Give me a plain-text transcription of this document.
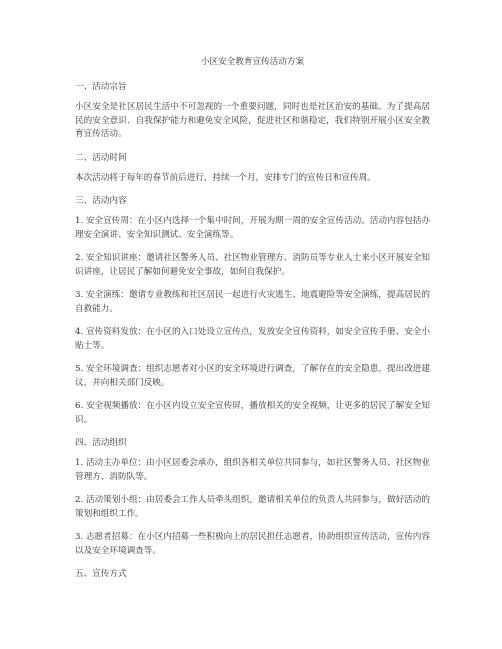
小区安全教育宣传活动方案
一、活动宗旨
小区安全是社区居民生活中不可忽视的一个重要问题，同时也是社区治安的基础。为了提高居民的安全意识、自我保护能力和避免安全风险，促进社区和谐稳定，我们特别开展小区安全教育宣传活动。
二、活动时间
本次活动将于每年的春节前后进行，持续一个月，安排专门的宣传日和宣传周。
三、活动内容
1. 安全宣传周：在小区内选择一个集中时间，开展为期一周的安全宣传活动。活动内容包括办理安全演讲、安全知识测试、安全演练等。
2. 安全知识讲座：邀请社区警务人员、社区物业管理方、消防员等专业人士来小区开展安全知识讲座，让居民了解如何避免安全事故，如何自我保护。
3. 安全演练：邀请专业教练和社区居民一起进行火灾逃生、地震避险等安全演练，提高居民的自救能力。
4. 宣传资料发放：在小区的入口处设立宣传点，发放安全宣传资料，如安全宣传手册、安全小贴士等。
5. 安全环境调查：组织志愿者对小区的安全环境进行调查，了解存在的安全隐患，提出改进建议，并向相关部门反映。
6. 安全视频播放：在小区内设立安全宣传屏，播放相关的安全视频，让更多的居民了解安全知识。
四、活动组织
1. 活动主办单位：由小区居委会承办，组织各相关单位共同参与，如社区警务人员、社区物业管理方、消防队等。
2. 活动策划小组：由居委会工作人员牵头组织，邀请相关单位的负责人共同参与，做好活动的策划和组织工作。
3. 志愿者招募：在小区内招募一些积极向上的居民担任志愿者，协助组织宣传活动，宣传内容以及安全环境调查等。
五、宣传方式
